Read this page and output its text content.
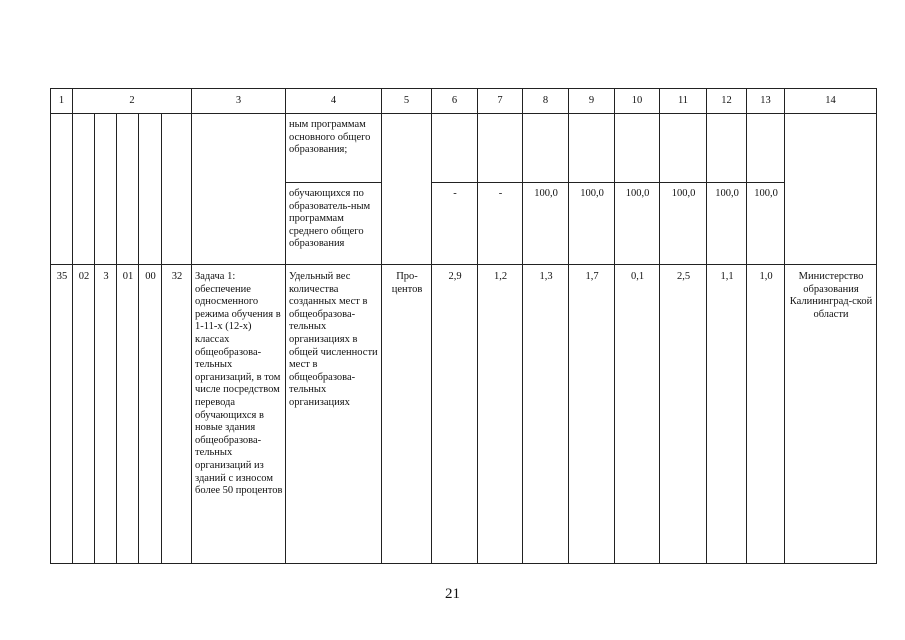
1	2					3	4	5	6	7	8	9	10	11	12	13	14
							ным программам основного общего образования;										
							обучающихся по образователь-ным программам среднего общего образования		-	-	100,0	100,0	100,0	100,0	100,0	100,0	
35	02	3	01	00	32	Задача 1: обеспечение односменного режима обучения в 1-11-х (12-х) классах общеобразова-тельных организаций, в том числе посредством перевода обучающихся в новые здания общеобразова-тельных организаций из зданий с износом более 50 процентов	Удельный вес количества созданных мест в общеобразова-тельных организациях в общей численности мест в общеобразова-тельных организациях	Про-центов	2,9	1,2	1,3	1,7	0,1	2,5	1,1	1,0	Министерство образования Калининград-ской области
21
